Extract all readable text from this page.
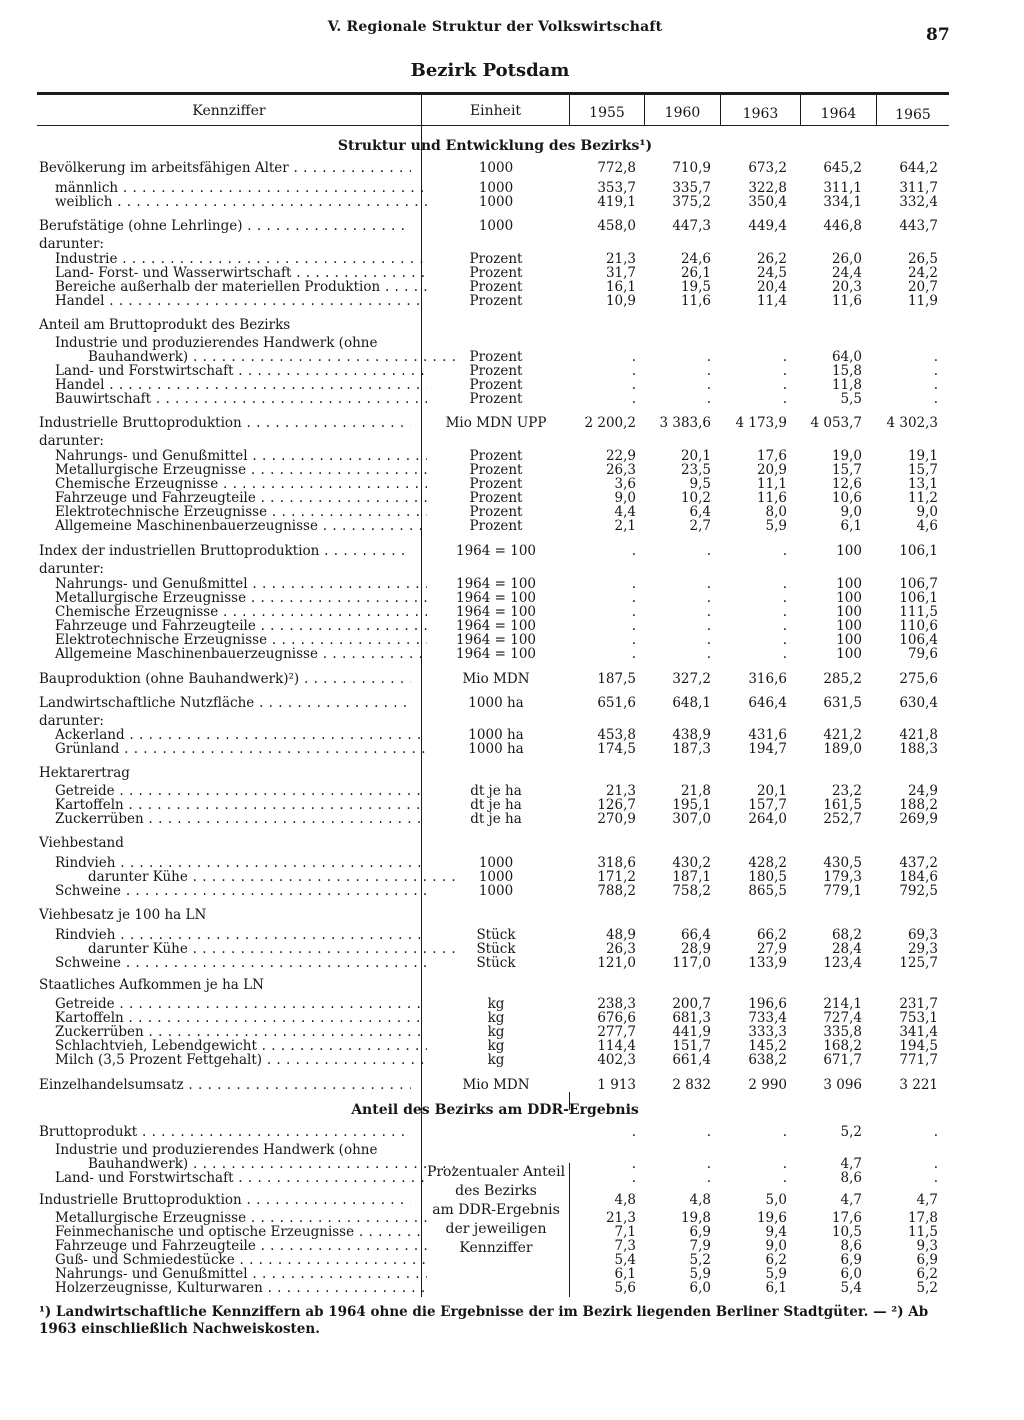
V. Regionale Struktur der Volkswirtschaft	87
Bezirk Potsdam
Kennziffer	Einheit	1955	1960	1963	1964	1965
Struktur und Entwicklung des Bezirks¹)
Bevölkerung im arbeitsfähigen Alter . . .	1000	772,8	710,9	673,2	645,2	644,2
männlich . . .	1000	353,7	335,7	322,8	311,1	311,7
weiblich . . .	1000	419,1	375,2	350,4	334,1	332,4
Berufstätige (ohne Lehrlinge) . . .	1000	458,0	447,3	449,4	446,8	443,7
darunter:
Industrie . . .	Prozent	21,3	24,6	26,2	26,0	26,5
Land- Forst- und Wasserwirtschaft . . .	Prozent	31,7	26,1	24,5	24,4	24,2
Bereiche außerhalb der materiellen Produktion . . .	Prozent	16,1	19,5	20,4	20,3	20,7
Handel . . .	Prozent	10,9	11,6	11,4	11,6	11,9
Anteil am Bruttoprodukt des Bezirks
Industrie und produzierendes Handwerk (ohne
Bauhandwerk) . . .	Prozent	.	.	.	64,0	.
Land- und Forstwirtschaft . . .	Prozent	.	.	.	15,8	.
Handel . . .	Prozent	.	.	.	11,8	.
Bauwirtschaft . . .	Prozent	.	.	.	5,5	.
Industrielle Bruttoproduktion . . .	Mio MDN UPP	2 200,2	3 383,6	4 173,9	4 053,7	4 302,3
darunter:
Nahrungs- und Genußmittel . . .	Prozent	22,9	20,1	17,6	19,0	19,1
Metallurgische Erzeugnisse . . .	Prozent	26,3	23,5	20,9	15,7	15,7
Chemische Erzeugnisse . . .	Prozent	3,6	9,5	11,1	12,6	13,1
Fahrzeuge und Fahrzeugteile . . .	Prozent	9,0	10,2	11,6	10,6	11,2
Elektrotechnische Erzeugnisse . . .	Prozent	4,4	6,4	8,0	9,0	9,0
Allgemeine Maschinenbauerzeugnisse . . .	Prozent	2,1	2,7	5,9	6,1	4,6
Index der industriellen Bruttoproduktion . . .	1964 = 100	.	.	.	100	106,1
darunter:
Nahrungs- und Genußmittel . . .	1964 = 100	.	.	.	100	106,7
Metallurgische Erzeugnisse . . .	1964 = 100	.	.	.	100	106,1
Chemische Erzeugnisse . . .	1964 = 100	.	.	.	100	111,5
Fahrzeuge und Fahrzeugteile . . .	1964 = 100	.	.	.	100	110,6
Elektrotechnische Erzeugnisse . . .	1964 = 100	.	.	.	100	106,4
Allgemeine Maschinenbauerzeugnisse . . .	1964 = 100	.	.	.	100	79,6
Bauproduktion (ohne Bauhandwerk)²) . . .	Mio MDN	187,5	327,2	316,6	285,2	275,6
Landwirtschaftliche Nutzfläche . . .	1000 ha	651,6	648,1	646,4	631,5	630,4
darunter:
Ackerland . . .	1000 ha	453,8	438,9	431,6	421,2	421,8
Grünland . . .	1000 ha	174,5	187,3	194,7	189,0	188,3
Hektarertrag
Getreide . . .	dt je ha	21,3	21,8	20,1	23,2	24,9
Kartoffeln . . .	dt je ha	126,7	195,1	157,7	161,5	188,2
Zuckerrüben . . .	dt je ha	270,9	307,0	264,0	252,7	269,9
Viehbestand
Rindvieh . . .	1000	318,6	430,2	428,2	430,5	437,2
darunter Kühe . . .	1000	171,2	187,1	180,5	179,3	184,6
Schweine . . .	1000	788,2	758,2	865,5	779,1	792,5
Viehbesatz je 100 ha LN
Rindvieh . . .	Stück	48,9	66,4	66,2	68,2	69,3
darunter Kühe . . .	Stück	26,3	28,9	27,9	28,4	29,3
Schweine . . .	Stück	121,0	117,0	133,9	123,4	125,7
Staatliches Aufkommen je ha LN
Getreide . . .	kg	238,3	200,7	196,6	214,1	231,7
Kartoffeln . . .	kg	676,6	681,3	733,4	727,4	753,1
Zuckerrüben . . .	kg	277,7	441,9	333,3	335,8	341,4
Schlachtvieh, Lebendgewicht . . .	kg	114,4	151,7	145,2	168,2	194,5
Milch (3,5 Prozent Fettgehalt) . . .	kg	402,3	661,4	638,2	671,7	771,7
Einzelhandelsumsatz . . .	Mio MDN	1 913	2 832	2 990	3 096	3 221
Anteil des Bezirks am DDR-Ergebnis
Bruttoprodukt . . .	.	.	.	5,2	.
Industrie und produzierendes Handwerk (ohne
Bauhandwerk) . . .	.	.	.	4,7	.
Land- und Forstwirtschaft . . .	.	.	.	8,6	.
Industrielle Bruttoproduktion . . .	4,8	4,8	5,0	4,7	4,7
Metallurgische Erzeugnisse . . .	21,3	19,8	19,6	17,6	17,8
Feinmechanische und optische Erzeugnisse . . .	7,1	6,9	9,4	10,5	11,5
Fahrzeuge und Fahrzeugteile . . .	7,3	7,9	9,0	8,6	9,3
Guß- und Schmiedestücke . . .	5,4	5,2	6,2	6,9	6,9
Nahrungs- und Genußmittel . . .	6,1	5,9	5,9	6,0	6,2
Holzerzeugnisse, Kulturwaren . . .	5,6	6,0	6,1	5,4	5,2
Prozentualer Anteil
des Bezirks
am DDR-Ergebnis
der jeweiligen
Kennziffer
¹) Landwirtschaftliche Kennziffern ab 1964 ohne die Ergebnisse der im Bezirk liegenden Berliner Stadtgüter. — ²) Ab 1963 einschließlich Nachweiskosten.
